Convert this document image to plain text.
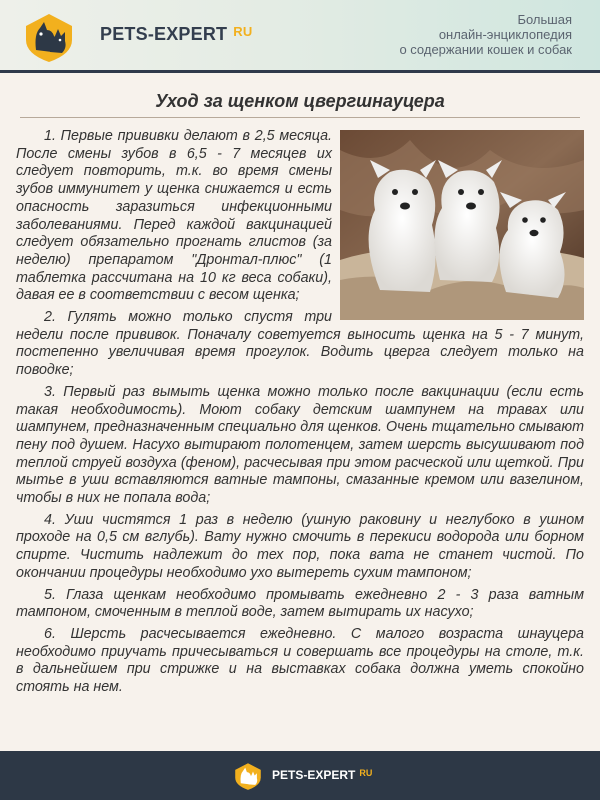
PETS-EXPERT $^{RU}$
Большая
онлайн-энциклопедия
о содержании кошек и собак
Уход за щенком цвергшнауцера

1. Первые прививки делают в 2,5 месяца. После смены зубов в 6,5 - 7 месяцев их следует повторить, т.к. во время смены зубов иммунитет у щенка снижается и есть опасность заразиться инфекционными заболеваниями. Перед каждой вакцинацией следует обязательно прогнать глистов (за неделю) препаратом "Дронтал-плюс" (1 таблетка рассчитана на 10 кг веса собаки), давая ее в соответствии с весом щенка;

2. Гулять можно только спустя три недели после прививок. Поначалу советуется выносить щенка на 5 - 7 минут, постепенно увеличивая время прогулок. Водить цверга следует только на поводке;

3. Первый раз вымыть щенка можно только после вакцинации (если есть такая необходимость). Моют собаку детским шампунем на травах или шампунем, предназначенным специально для щенков. Очень тщательно смывают пену под душем. Насухо вытирают полотенцем, затем шерсть высушивают под теплой струей воздуха (феном), расчесывая при этом расческой или щеткой. При мытье в уши вставляются ватные тампоны, смазанные кремом или вазелином, чтобы в них не попала вода;

4. Уши чистятся 1 раз в неделю (ушную раковину и неглубоко в ушном проходе на 0,5 см вглубь). Вату нужно смочить в перекиси водорода или борном спирте. Чистить надлежит до тех пор, пока вата не станет чистой. По окончании процедуры необходимо ухо вытереть сухим тампоном;

5. Глаза щенкам необходимо промывать ежедневно 2 - 3 раза ватным тампоном, смоченным в теплой воде, затем вытирать их насухо;

6. Шерсть расчесывается ежедневно. С малого возраста шнауцера необходимо приучать причесываться и совершать все процедуры на столе, т.к. в дальнейшем при стрижке и на выставках собака должна уметь спокойно стоять на нем.

PETS-EXPERT $^{RU}$
